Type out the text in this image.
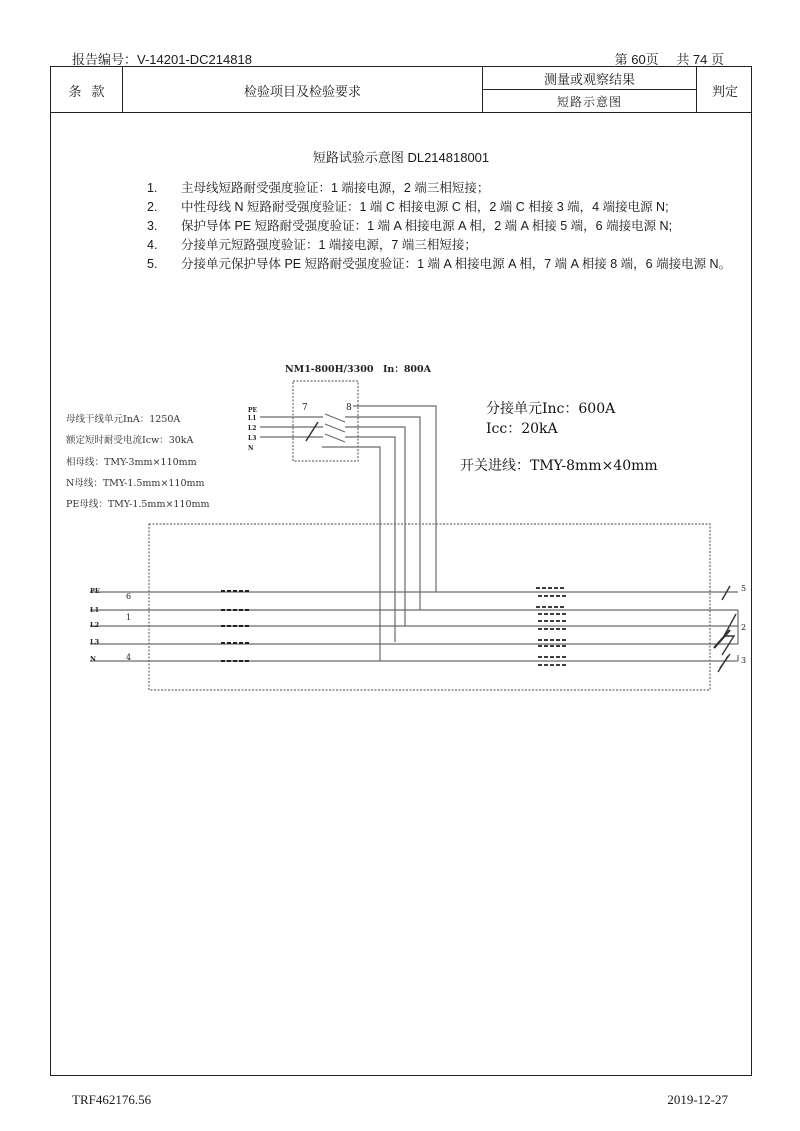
报告编号：V-14201-DC214818	第 60页 共 74 页
条款	检验项目及检验要求
测量或观察结果
短路示意图
判定
短路试验示意图 DL214818001
1.	主母线短路耐受强度验证：1 端接电源，2 端三相短接；
2.	中性母线 N 短路耐受强度验证：1 端 C 相接电源 C 相，2 端 C 相接 3 端，4 端接电源 N;
3.	保护导体 PE 短路耐受强度验证：1 端 A 相接电源 A 相，2 端 A 相接 5 端，6 端接电源 N;
4.	分接单元短路强度验证：1 端接电源，7 端三相短接；
5.	分接单元保护导体 PE 短路耐受强度验证：1 端 A 相接电源 A 相，7 端 A 相接 8 端，6 端接电源 N。
NM1-800H/3300　In：800A
7	8
PE
L1
L2
L3
N
母线干线单元InA：1250A
额定短时耐受电流Icw：30kA
相母线：TMY-3mm×110mm
N母线：TMY-1.5mm×110mm
PE母线：TMY-1.5mm×110mm
分接单元Inc：600A
Icc：20kA
开关进线：TMY-8mm×40mm
PE
L1
L2
L3
N
6
1
4
5
2
3
TRF462176.56	2019-12-27
